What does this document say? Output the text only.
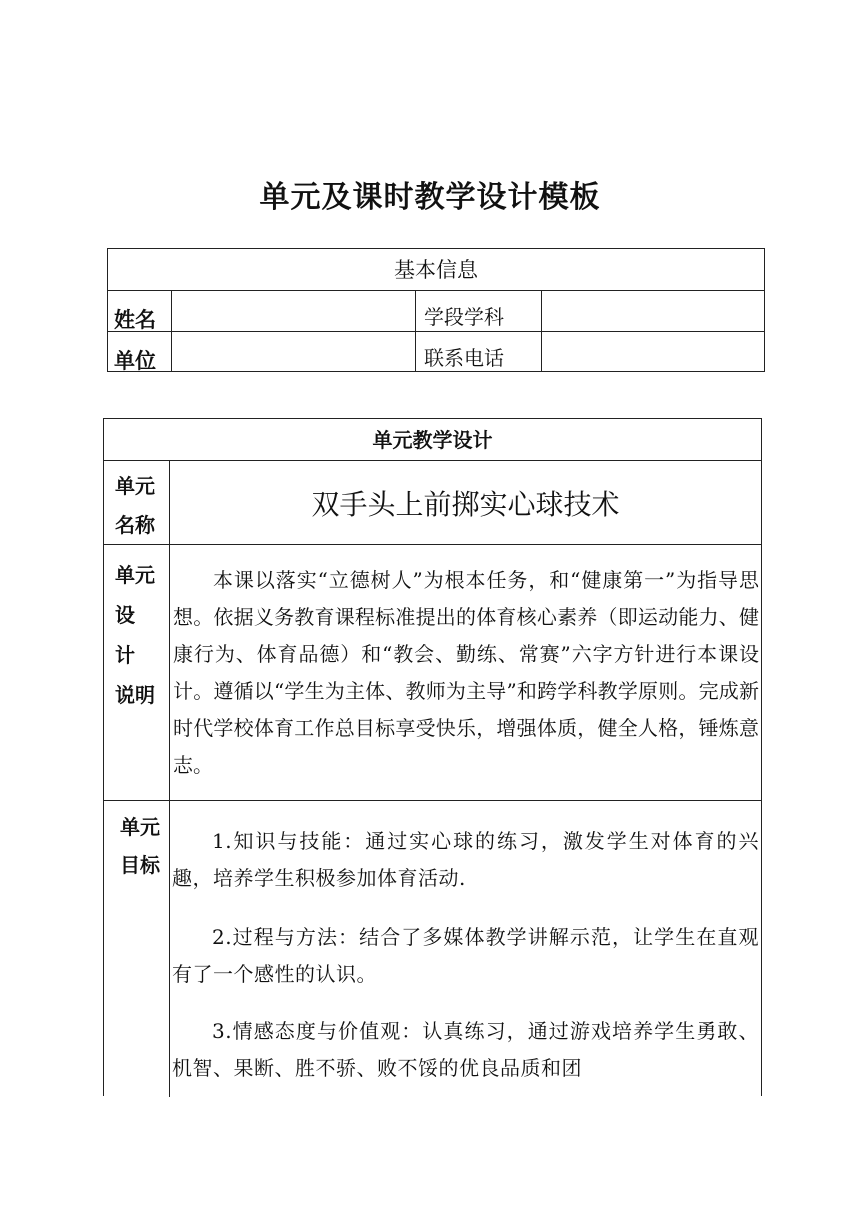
单元及课时教学设计模板
基本信息
姓名	学段学科
单位	联系电话
单元教学设计
单元
名称
双手头上前掷实心球技术
单元
设
计
说明
本课以落实“立德树人”为根本任务，和“健康第一”为指导思想。依据义务教育课程标准提出的体育核心素养（即运动能力、健康行为、体育品德）和“教会、勤练、常赛”六字方针进行本课设计。遵循以“学生为主体、教师为主导”和跨学科教学原则。完成新时代学校体育工作总目标享受快乐，增强体质，健全人格，锤炼意志。
单元
目标
1.知识与技能：通过实心球的练习，激发学生对体育的兴趣，培养学生积极参加体育活动.
2.过程与方法：结合了多媒体教学讲解示范，让学生在直观有了一个感性的认识。
3.情感态度与价值观：认真练习，通过游戏培养学生勇敢、机智、果断、胜不骄、败不馁的优良品质和团
